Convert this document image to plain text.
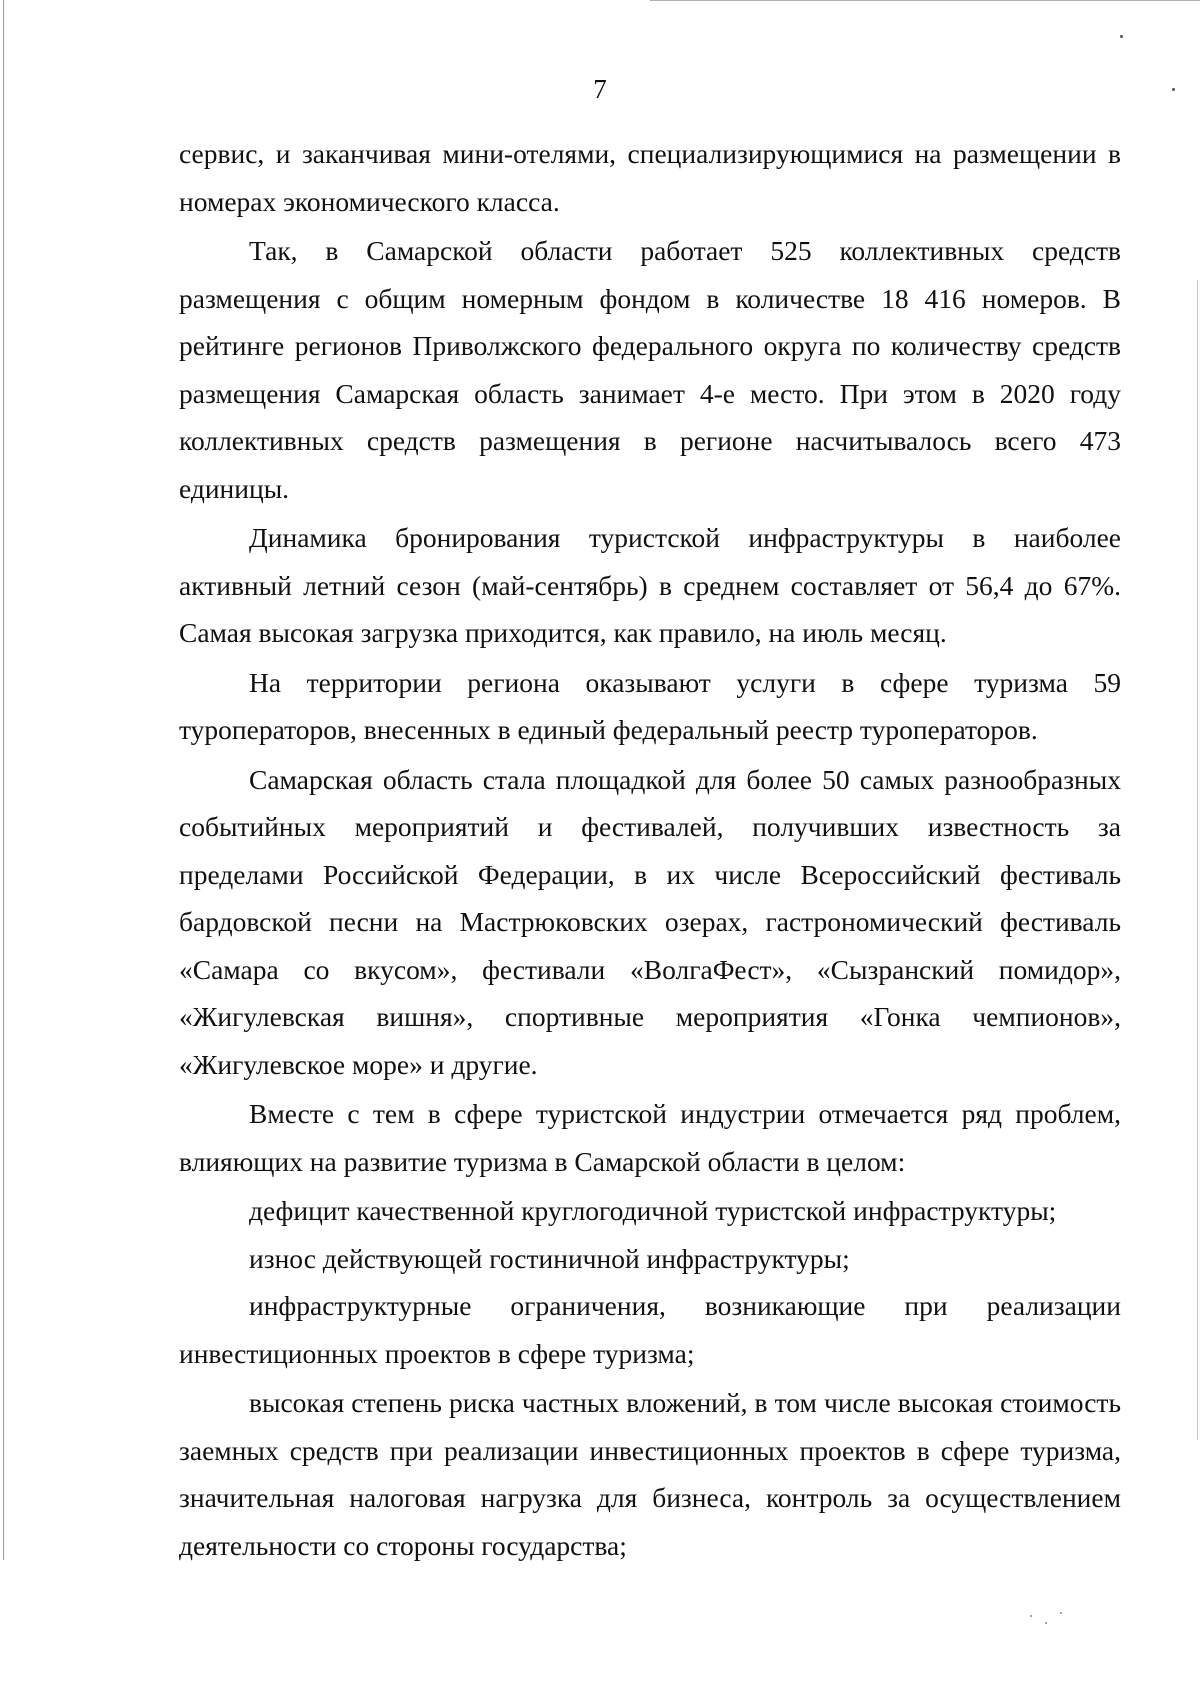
7

сервис, и заканчивая мини-отелями, специализирующимися на размещении в номерах экономического класса.

Так, в Самарской области работает 525 коллективных средств размещения с общим номерным фондом в количестве 18 416 номеров. В рейтинге регионов Приволжского федерального округа по количеству средств размещения Самарская область занимает 4-е место. При этом в 2020 году коллективных средств размещения в регионе насчитывалось всего 473 единицы.

Динамика бронирования туристской инфраструктуры в наиболее активный летний сезон (май-сентябрь) в среднем составляет от 56,4 до 67%. Самая высокая загрузка приходится, как правило, на июль месяц.

На территории региона оказывают услуги в сфере туризма 59 туроператоров, внесенных в единый федеральный реестр туроператоров.

Самарская область стала площадкой для более 50 самых разнообразных событийных мероприятий и фестивалей, получивших известность за пределами Российской Федерации, в их числе Всероссийский фестиваль бардовской песни на Мастрюковских озерах, гастрономический фестиваль «Самара со вкусом», фестивали «ВолгаФест», «Сызранский помидор», «Жигулевская вишня», спортивные мероприятия «Гонка чемпионов», «Жигулевское море» и другие.

Вместе с тем в сфере туристской индустрии отмечается ряд проблем, влияющих на развитие туризма в Самарской области в целом:

дефицит качественной круглогодичной туристской инфраструктуры;

износ действующей гостиничной инфраструктуры;

инфраструктурные ограничения, возникающие при реализации инвестиционных проектов в сфере туризма;

высокая степень риска частных вложений, в том числе высокая стоимость заемных средств при реализации инвестиционных проектов в сфере туризма, значительная налоговая нагрузка для бизнеса, контроль за осуществлением деятельности со стороны государства;
